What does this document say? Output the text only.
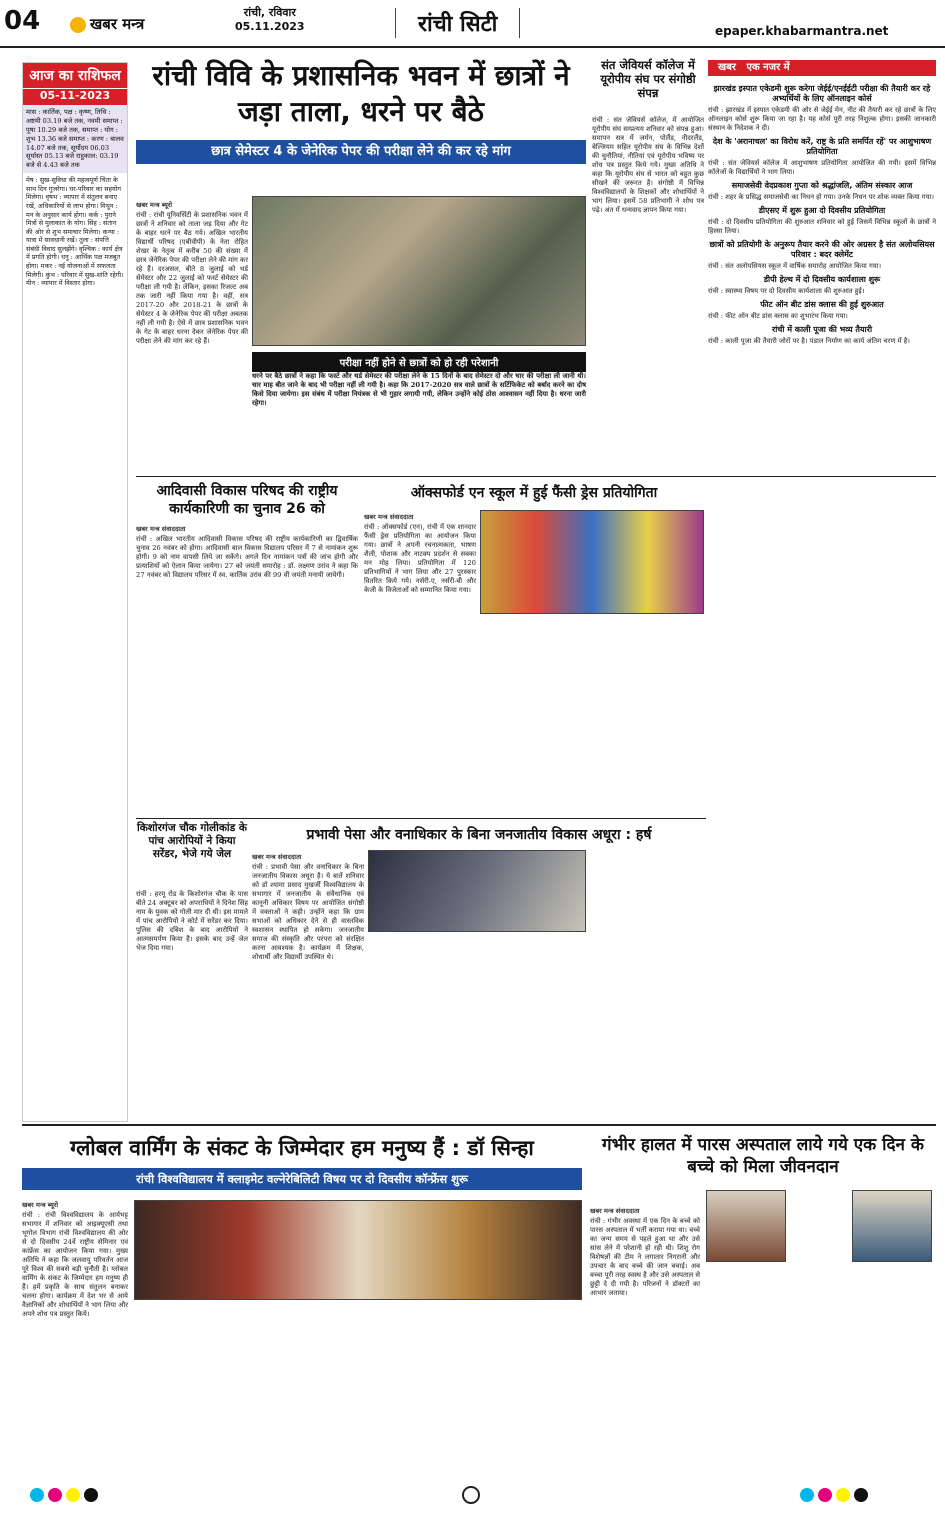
04	खबर मन्त्र
रांची, रविवार
05.11.2023	रांची सिटी	epaper.khabarmantra.net
आज का राशिफल
05-11-2023
मास : कार्तिक, पक्ष : कृष्ण, तिथि : अष्टमी 03.19 बजे तक, नवमी समाप्त : पूषा 10.29 बजे तक, समाप्त : योग : शुभ 13.36 बजे समाप्त : करण : बालव 14.07 बजे तक, सूर्योदय 06.03 सूर्यास्त 05.13 बजे राहुकाल: 03.19 बजे से 4.43 बजे तक
मेष : सुख-सुविधा की महत्वपूर्ण चिंता के साथ दिन गुजरेगा। घर-परिवार का सहयोग मिलेगा। वृषभ : व्यापार में संतुलन बनाए रखें, अधिकारियों से लाभ होगा। मिथुन : मन के अनुसार कार्य होगा। कर्क : पुराने मित्रों से मुलाकात के योग। सिंह : संतान की ओर से शुभ समाचार मिलेगा। कन्या : यात्रा में सावधानी रखें। तुला : संपत्ति संबंधी विवाद सुलझेंगे। वृश्चिक : कार्य क्षेत्र में प्रगति होगी। धनु : आर्थिक पक्ष मजबूत होगा। मकर : नई योजनाओं में सफलता मिलेगी। कुंभ : परिवार में सुख-शांति रहेगी। मीन : व्यापार में विस्तार होगा।
रांची विवि के प्रशासनिक भवन में छात्रों ने जड़ा ताला, धरने पर बैठे
छात्र सेमेस्टर 4 के जेनेरिक पेपर की परीक्षा लेने की कर रहे मांग
खबर मन्त्र ब्यूरो
रांची : रांची यूनिवर्सिटी के प्रशासनिक भवन में छात्रों ने शनिवार को ताला जड़ दिया और गेट के बाहर धरने पर बैठ गये। अखिल भारतीय विद्यार्थी परिषद (एबीवीपी) के नेता रोहित शेखर के नेतृत्व में करीब 50 की संख्या में छात्र जेनेरिक पेपर की परीक्षा लेने की मांग कर रहे हैं। दरअसल, बीते 8 जुलाई को थर्ड सेमेस्टर और 22 जुलाई को फर्स्ट सेमेस्टर की परीक्षा ली गयी है। लेकिन, इसका रिजल्ट अब तक जारी नहीं किया गया है। वहीं, सत्र 2017-20 और 2018-21 के छात्रों के सेमेस्टर 4 के जेनेरिक पेपर की परीक्षा अबतक नहीं ली गयी है। ऐसे में छात्र प्रशासनिक भवन के गेट के बाहर धरना देकर जेनेरिक पेपर की परीक्षा लेने की मांग कर रहे हैं।
परीक्षा नहीं होने से छात्रों को हो रही परेशानी
धरने पर बैठे छात्रों ने कहा कि फर्स्ट और थर्ड सेमेस्टर की परीक्षा लेने के 15 दिनों के बाद सेमेस्टर दो और चार की परीक्षा ली जानी थी। चार माह बीत जाने के बाद भी परीक्षा नहीं ली गयी है। कहा कि 2017-2020 सत्र वाले छात्रों के सर्टिफिकेट को बर्बाद करने का दोष किसे दिया जायेगा। इस संबंध में परीक्षा नियंत्रक से भी गुहार लगायी गयी, लेकिन उन्होंने कोई ठोस आश्वासन नहीं दिया है। धरना जारी रहेगा।
संत जेवियर्स कॉलेज में यूरोपीय संघ पर संगोष्ठी संपन्न
रांची : संत जेवियर्स कॉलेज, में आयोजित यूरोपीय संघ सम्प्रत्यय शनिवार को संपन्न हुआ। समापन सत्र में जर्मन, पोलैंड, नीदरलैंड, बेल्जियम सहित यूरोपीय संघ के विभिन्न देशों की चुनौतियां, नीतियां एवं यूरोपीय भविष्य पर शोध पत्र प्रस्तुत किये गये। मुख्य अतिथि ने कहा कि यूरोपीय संघ से भारत को बहुत कुछ सीखने की जरूरत है। संगोष्ठी में विभिन्न विश्वविद्यालयों के शिक्षकों और शोधार्थियों ने भाग लिया। इसमें 58 प्रतिभागी ने शोध पत्र पढ़े। अंत में धन्यवाद ज्ञापन किया गया।
खबर एक नजर में
झारखंड इस्पात एकेडमी शुरू करेगा जेईई/एनईईटी परीक्षा की तैयारी कर रहे अभ्यर्थियों के लिए ऑनलाइन कोर्स
रांची : झारखंड में इस्पात एकेडमी की ओर से जेईई मेन, नीट की तैयारी कर रहे छात्रों के लिए ऑनलाइन कोर्स शुरू किया जा रहा है। यह कोर्स पूरी तरह निशुल्क होगा। इसकी जानकारी संस्थान के निदेशक ने दी।
देश के 'अरानाचल' का विरोध करें, राष्ट्र के प्रति समर्पित रहें' पर आशुभाषण प्रतियोगिता
रांची : संत जेवियर्स कॉलेज में आशुभाषण प्रतियोगिता आयोजित की गयी। इसमें विभिन्न कॉलेजों के विद्यार्थियों ने भाग लिया।
समाजसेवी वेदप्रकाश गुप्ता को श्रद्धांजलि, अंतिम संस्कार आज
रांची : शहर के प्रसिद्ध समाजसेवी का निधन हो गया। उनके निधन पर शोक व्यक्त किया गया।
डीएसए में शुरू हुआ दो दिवसीय प्रतियोगिता
रांची : दो दिवसीय प्रतियोगिता की शुरुआत शनिवार को हुई जिसमें विभिन्न स्कूलों के छात्रों ने हिस्सा लिया।
छात्रों को प्रतियोगी के अनुरूप तैयार करने की ओर अग्रसर है संत अलोयसियस परिवार : बदर क्लेमेंट
रांची : संत अलोयसियस स्कूल में वार्षिक समारोह आयोजित किया गया।
डीपी हेल्थ में दो दिवसीय कार्यशाला शुरू
रांची : स्वास्थ्य विषय पर दो दिवसीय कार्यशाला की शुरुआत हुई।
फीट ऑन बीट डांस क्लास की हुई शुरुआत
रांची : फीट ऑन बीट डांस क्लास का शुभारंभ किया गया।
रांची में काली पूजा की भव्य तैयारी
रांची : काली पूजा की तैयारी जोरों पर है। पंडाल निर्माण का कार्य अंतिम चरण में है।
आदिवासी विकास परिषद की राष्ट्रीय कार्यकारिणी का चुनाव 26 को
खबर मन्त्र संवाददाता
रांची : अखिल भारतीय आदिवासी विकास परिषद की राष्ट्रीय कार्यकारिणी का द्विवार्षिक चुनाव 26 नवंबर को होगा। आदिवासी बाल विकास विद्यालय परिसर में 7 से नामांकन शुरू होगी। 9 को नाम वापसी लिये जा सकेंगे। अगले दिन नामांकन पत्रों की जांच होगी और प्रत्याशियों को ऐलान किया जायेगा। 27 को जयंती समारोह : डॉ. लक्ष्मण उरांव ने कहा कि 27 नवंबर को विद्यालय परिसर में स्व. कार्तिक उरांव की 99 वीं जयंती मनायी जायेगी।
ऑक्सफोर्ड एन स्कूल में हुई फैंसी ड्रेस प्रतियोगिता
खबर मन्त्र संवाददाता
रांची : ऑक्सफोर्ड (एन), रांची में एक शानदार फैंसी ड्रेस प्रतियोगिता का आयोजन किया गया। छात्रों ने अपनी रचनात्मकता, भाषण शैली, पोशाक और नाटक्य प्रदर्शन से सबका मन मोह लिया। प्रतियोगिता में 120 प्रतिभागियों ने भाग लिया और 27 पुरस्कार वितरित किये गये। नर्सरी-ए, नर्सरी-बी और केजी के विजेताओं को सम्मानित किया गया।
किशोरगंज चौक गोलीकांड के पांच आरोपियों ने किया सरेंडर, भेजे गये जेल
रांची : हरमू रोड के किशोरगंज चौक के पास बीते 24 अक्टूबर को अपराधियों ने दिनेश सिंह नाम के युवक को गोली मार दी थी। इस मामले में पांच आरोपियों ने कोर्ट में सरेंडर कर दिया। पुलिस की दबिश के बाद आरोपियों ने आत्मसमर्पण किया है। इसके बाद उन्हें जेल भेज दिया गया।
प्रभावी पेसा और वनाधिकार के बिना जनजातीय विकास अधूरा : हर्ष
खबर मन्त्र संवाददाता
रांची : प्रभावी पेसा और वनाधिकार के बिना जनजातीय विकास अधूरा है। ये बातें शनिवार को डॉ श्यामा प्रसाद मुखर्जी विश्वविद्यालय के सभागार में जनजातीय के संवैधानिक एवं कानूनी अधिकार विषय पर आयोजित संगोष्ठी में वक्ताओं ने कही। उन्होंने कहा कि ग्राम सभाओं को अधिकार देने से ही वास्तविक स्वशासन स्थापित हो सकेगा। जनजातीय समाज की संस्कृति और परंपरा को संरक्षित करना आवश्यक है। कार्यक्रम में शिक्षक, शोधार्थी और विद्यार्थी उपस्थित थे।
ग्लोबल वार्मिंग के संकट के जिम्मेदार हम मनुष्य हैं : डॉ सिन्हा
रांची विश्वविद्यालय में क्लाइमेट वल्नेरेबिलिटी विषय पर दो दिवसीय कॉन्फ्रेंस शुरू
खबर मन्त्र ब्यूरो
रांची : रांची विश्वविद्यालय के आर्यभट्ट सभागार में शनिवार को आइक्यूएसी तथा भूगोल विभाग रांची विश्वविद्यालय की ओर से दो दिवसीय 24वें राष्ट्रीय सेमिनार एवं कांफ्रेंस का आयोजन किया गया। मुख्य अतिथि ने कहा कि जलवायु परिवर्तन आज पूरे विश्व की सबसे बड़ी चुनौती है। ग्लोबल वार्मिंग के संकट के जिम्मेदार हम मनुष्य ही हैं। हमें प्रकृति के साथ संतुलन बनाकर चलना होगा। कार्यक्रम में देश भर से आये वैज्ञानिकों और शोधार्थियों ने भाग लिया और अपने शोध पत्र प्रस्तुत किये।
गंभीर हालत में पारस अस्पताल लाये गये एक दिन के बच्चे को मिला जीवनदान
खबर मन्त्र संवाददाता
रांची : गंभीर अवस्था में एक दिन के बच्चे को पारस अस्पताल में भर्ती कराया गया था। बच्चे का जन्म समय से पहले हुआ था और उसे सांस लेने में परेशानी हो रही थी। शिशु रोग विशेषज्ञों की टीम ने लगातार निगरानी और उपचार के बाद बच्चे की जान बचाई। अब बच्चा पूरी तरह स्वस्थ है और उसे अस्पताल से छुट्टी दे दी गयी है। परिजनों ने डॉक्टरों का आभार जताया।
